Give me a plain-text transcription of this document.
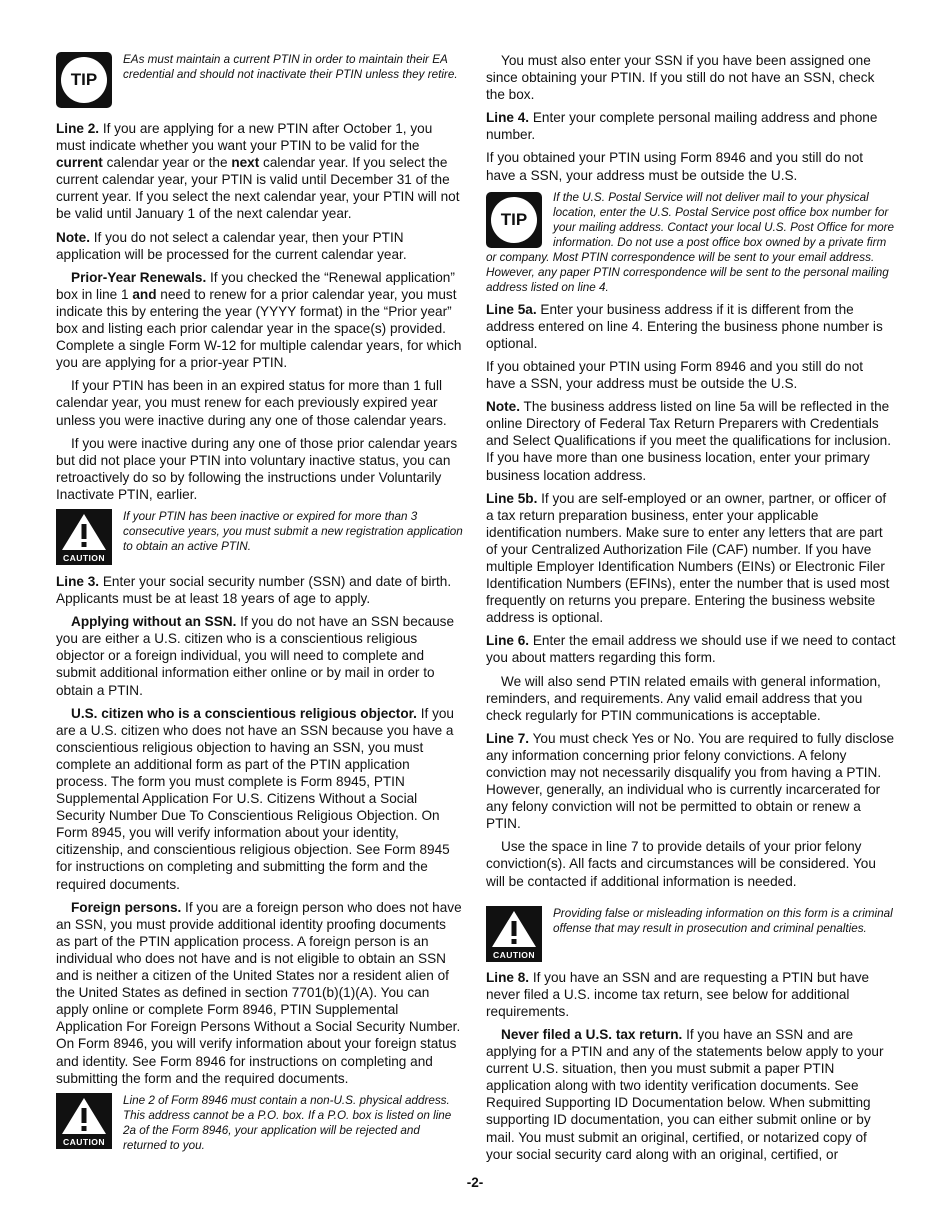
TIP
EAs must maintain a current PTIN in order to maintain their EA credential and should not inactivate their PTIN unless they retire.

Line 2. If you are applying for a new PTIN after October 1, you must indicate whether you want your PTIN to be valid for the current calendar year or the next calendar year. If you select the current calendar year, your PTIN is valid until December 31 of the current year. If you select the next calendar year, your PTIN will not be valid until January 1 of the next calendar year.

Note. If you do not select a calendar year, then your PTIN application will be processed for the current calendar year.

Prior-Year Renewals. If you checked the “Renewal application” box in line 1 and need to renew for a prior calendar year, you must indicate this by entering the year (YYYY format) in the “Prior year” box and listing each prior calendar year in the space(s) provided. Complete a single Form W-12 for multiple calendar years, for which you are applying for a prior-year PTIN.

If your PTIN has been in an expired status for more than 1 full calendar year, you must renew for each previously expired year unless you were inactive during any one of those calendar years.

If you were inactive during any one of those prior calendar years but did not place your PTIN into voluntary inactive status, you can retroactively do so by following the instructions under Voluntarily Inactivate PTIN, earlier.

CAUTION
If your PTIN has been inactive or expired for more than 3 consecutive years, you must submit a new registration application to obtain an active PTIN.

Line 3. Enter your social security number (SSN) and date of birth. Applicants must be at least 18 years of age to apply.

Applying without an SSN. If you do not have an SSN because you are either a U.S. citizen who is a conscientious religious objector or a foreign individual, you will need to complete and submit additional information either online or by mail in order to obtain a PTIN.

U.S. citizen who is a conscientious religious objector. If you are a U.S. citizen who does not have an SSN because you have a conscientious religious objection to having an SSN, you must complete an additional form as part of the PTIN application process. The form you must complete is Form 8945, PTIN Supplemental Application For U.S. Citizens Without a Social Security Number Due To Conscientious Religious Objection. On Form 8945, you will verify information about your identity, citizenship, and conscientious religious objection. See Form 8945 for instructions on completing and submitting the form and the required documents.

Foreign persons. If you are a foreign person who does not have an SSN, you must provide additional identity proofing documents as part of the PTIN application process. A foreign person is an individual who does not have and is not eligible to obtain an SSN and is neither a citizen of the United States nor a resident alien of the United States as defined in section 7701(b)(1)(A). You can apply online or complete Form 8946, PTIN Supplemental Application For Foreign Persons Without a Social Security Number. On Form 8946, you will verify information about your foreign status and identity. See Form 8946 for instructions on completing and submitting the form and the required documents.

CAUTION
Line 2 of Form 8946 must contain a non-U.S. physical address. This address cannot be a P.O. box. If a P.O. box is listed on line 2a of the Form 8946, your application will be rejected and returned to you.

You must also enter your SSN if you have been assigned one since obtaining your PTIN. If you still do not have an SSN, check the box.

Line 4. Enter your complete personal mailing address and phone number.

If you obtained your PTIN using Form 8946 and you still do not have a SSN, your address must be outside the U.S.

TIP
If the U.S. Postal Service will not deliver mail to your physical location, enter the U.S. Postal Service post office box number for your mailing address. Contact your local U.S. Post Office for more information. Do not use a post office box owned by a private firm or company. Most PTIN correspondence will be sent to your email address. However, any paper PTIN correspondence will be sent to the personal mailing address listed on line 4.

Line 5a. Enter your business address if it is different from the address entered on line 4. Entering the business phone number is optional.

If you obtained your PTIN using Form 8946 and you still do not have a SSN, your address must be outside the U.S.

Note. The business address listed on line 5a will be reflected in the online Directory of Federal Tax Return Preparers with Credentials and Select Qualifications if you meet the qualifications for inclusion. If you have more than one business location, enter your primary business location address.

Line 5b. If you are self-employed or an owner, partner, or officer of a tax return preparation business, enter your applicable identification numbers. Make sure to enter any letters that are part of your Centralized Authorization File (CAF) number. If you have multiple Employer Identification Numbers (EINs) or Electronic Filer Identification Numbers (EFINs), enter the number that is used most frequently on returns you prepare. Entering the business website address is optional.

Line 6. Enter the email address we should use if we need to contact you about matters regarding this form.

We will also send PTIN related emails with general information, reminders, and requirements. Any valid email address that you check regularly for PTIN communications is acceptable.

Line 7. You must check Yes or No. You are required to fully disclose any information concerning prior felony convictions. A felony conviction may not necessarily disqualify you from having a PTIN. However, generally, an individual who is currently incarcerated for any felony conviction will not be permitted to obtain or renew a PTIN.

Use the space in line 7 to provide details of your prior felony conviction(s). All facts and circumstances will be considered. You will be contacted if additional information is needed.

CAUTION
Providing false or misleading information on this form is a criminal offense that may result in prosecution and criminal penalties.

Line 8. If you have an SSN and are requesting a PTIN but have never filed a U.S. income tax return, see below for additional requirements.

Never filed a U.S. tax return. If you have an SSN and are applying for a PTIN and any of the statements below apply to your current U.S. situation, then you must submit a paper PTIN application along with two identity verification documents. See Required Supporting ID Documentation below. When submitting supporting ID documentation, you can either submit online or by mail. You must submit an original, certified, or notarized copy of your social security card along with an original, certified, or

-2-
